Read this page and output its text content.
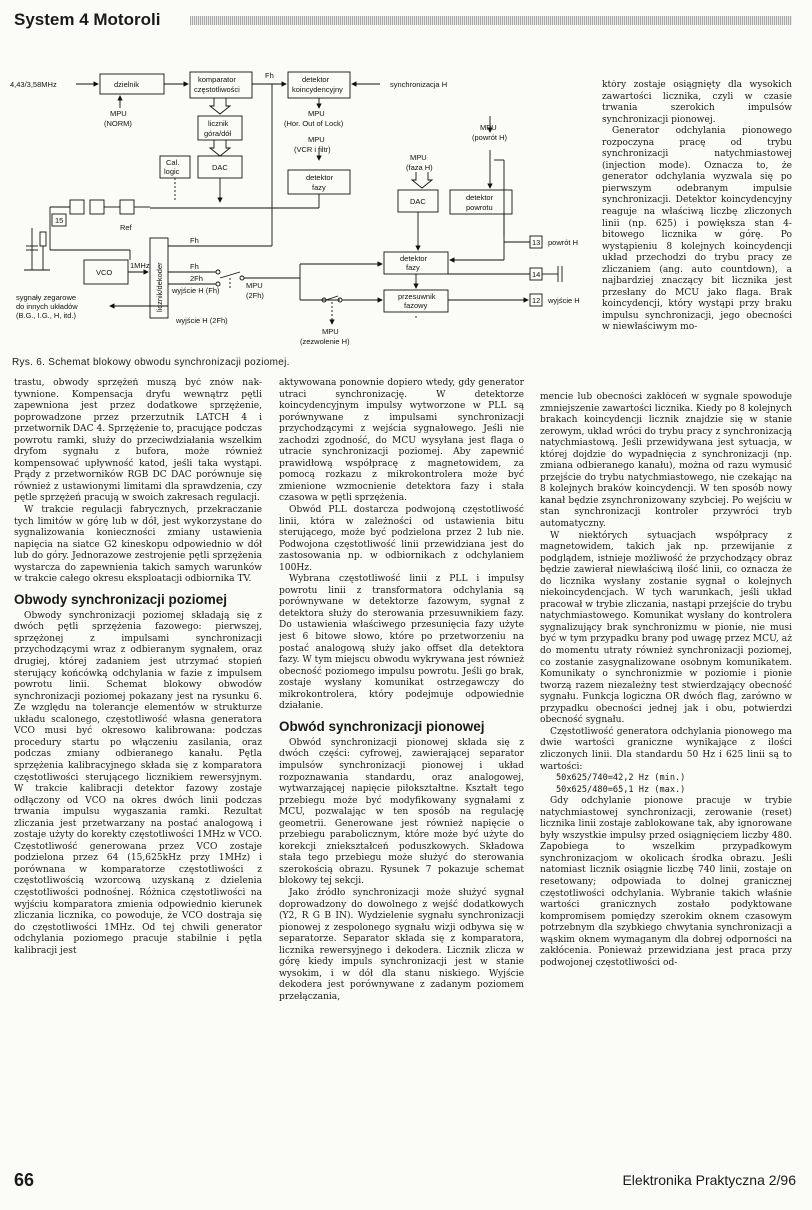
System 4 Motoroli
4,43/3,58MHz	dzielnik
komparator
częstotliwości
Fh	detektor
koincydencyjny
synchronizacja H
MPU
(NORM)	licznik
góra/dół
MPU
(Hor. Out of Lock)
MPU
(VCR i filtr)
Cal.
logic	DAC
detektor
fazy
MPU
(faza H)
MPU
(powrót H)
DAC	detektor
powrotu
15
Ref
Fh
Fh
2Fh
VCO
1MHz licznik/dekoder
detektor
fazy
13 powrót H
14
wyjście H (Fh)
MPU
(2Fh)
sygnały zegarowe
do innych układów
(B.G., I.G., H, itd.)
wyjście H (2Fh)
przesuwnik
fazowy
12 wyjście H
MPU
(zezwolenie H)
Rys. 6. Schemat blokowy obwodu synchronizacji poziomej.

trastu, obwody sprzężeń muszą być znów nak-tywnione. Kompensacja dryfu wewnątrz pętli zapewniona jest przez dodatkowe sprzężenie, poprowadzone przez przerzutnik LATCH 4 i przetwornik DAC 4. Sprzężenie to, pracujące podczas powrotu ramki, służy do przeciwdziałania wszelkim dryfom sygnału z bufora, może również kompensować upływność katod, jeśli taka wystąpi. Prądy z przetworników RGB DC DAC porównuje się również z ustawionymi limitami dla sprawdzenia, czy pętle sprzężeń pracują w swoich zakresach regulacji.

W trakcie regulacji fabrycznych, przekraczanie tych limitów w górę lub w dół, jest wykorzystane do sygnalizowania konieczności zmiany ustawienia napięcia na siatce G2 kineskopu odpowiednio w dół lub do góry. Jednorazowe zestrojenie pętli sprzężenia wystarcza do zapewnienia takich samych warunków w trakcie całego okresu eksploatacji odbiornika TV.

Obwody synchronizacji poziomej

Obwody synchronizacji poziomej składają się z dwóch pętli sprzężenia fazowego: pierwszej, sprzężonej z impulsami synchronizacji przychodzącymi wraz z odbieranym sygnałem, oraz drugiej, której zadaniem jest utrzymać stopień sterujący końcówką odchylania w fazie z impulsem powrotu linii. Schemat blokowy obwodów synchronizacji poziomej pokazany jest na rysunku 6. Ze względu na tolerancje elementów w strukturze układu scalonego, częstotliwość własna generatora VCO musi być okresowo kalibrowana: podczas procedury startu po włączeniu zasilania, oraz podczas zmiany odbieranego kanału. Pętla sprzężenia kalibracyjnego składa się z komparatora częstotliwości sterującego licznikiem rewersyjnym. W trakcie kalibracji detektor fazowy zostaje odłączony od VCO na okres dwóch linii podczas trwania impulsu wygaszania ramki. Rezultat zliczania jest przetwarzany na postać analogową i zostaje użyty do korekty częstotliwości 1MHz w VCO. Częstotliwość generowana przez VCO zostaje podzielona przez 64 (15,625kHz przy 1MHz) i porównana w komparatorze częstotliwości z częstotliwością wzorcową uzyskaną z dzielenia częstotliwości podnośnej. Różnica częstotliwości na wyjściu komparatora zmienia odpowiednio kierunek zliczania licznika, co powoduje, że VCO dostraja się do częstotliwości 1MHz. Od tej chwili generator odchylania poziomego pracuje stabilnie i pętla kalibracji jest

aktywowana ponownie dopiero wtedy, gdy generator utraci synchronizację. W detektorze koincydencyjnym impulsy wytworzone w PLL są porównywane z impulsami synchronizacji przychodzącymi z wejścia sygnałowego. Jeśli nie zachodzi zgodność, do MCU wysyłana jest flaga o utracie synchronizacji poziomej. Aby zapewnić prawidłową współpracę z magnetowidem, za pomocą rozkazu z mikrokontrolera może być zmienione wzmocnienie detektora fazy i stała czasowa w pętli sprzężenia.

Obwód PLL dostarcza podwojoną częstotliwość linii, która w zależności od ustawienia bitu sterującego, może być podzielona przez 2 lub nie. Podwojona częstotliwość linii przewidziana jest do zastosowania np. w odbiornikach z odchylaniem 100Hz.

Wybrana częstotliwość linii z PLL i impulsy powrotu linii z transformatora odchylania są porównywane w detektorze fazowym, sygnał z detektora służy do sterowania przesuwnikiem fazy. Do ustawienia właściwego przesunięcia fazy użyte jest 6 bitowe słowo, które po przetworzeniu na postać analogową służy jako offset dla detektora fazy. W tym miejscu obwodu wykrywana jest również obecność poziomego impulsu powrotu. Jeśli go brak, zostaje wysłany komunikat ostrzegawczy do mikrokontrolera, który podejmuje odpowiednie działanie.

Obwód synchronizacji pionowej

Obwód synchronizacji pionowej składa się z dwóch części: cyfrowej, zawierającej separator impulsów synchronizacji pionowej i układ rozpoznawania standardu, oraz analogowej, wytwarzającej napięcie piłokształtne. Kształt tego przebiegu może być modyfikowany sygnałami z MCU, pozwalając w ten sposób na regulację geometrii. Generowane jest również napięcie o przebiegu parabolicznym, które może być użyte do korekcji zniekształceń poduszkowych. Składowa stała tego przebiegu może służyć do sterowania szerokością obrazu. Rysunek 7 pokazuje schemat blokowy tej sekcji.

Jako źródło synchronizacji może służyć sygnał doprowadzony do dowolnego z wejść dodatkowych (Y2, R G B IN). Wydzielenie sygnału synchronizacji pionowej z zespolonego sygnału wizji odbywa się w separatorze. Separator składa się z komparatora, licznika rewersyjnego i dekodera. Licznik zlicza w górę kiedy impuls synchronizacji jest w stanie wysokim, i w dół dla stanu niskiego. Wyjście dekodera jest porównywane z zadanym poziomem przełączania,

który zostaje osiągnięty dla wysokich zawartości licznika, czyli w czasie trwania szerokich impulsów synchronizacji pionowej.

Generator odchylania pionowego rozpoczyna pracę od trybu synchronizacji natychmiastowej (injection mode). Oznacza to, że generator odchylania wyzwala się po pierwszym odebranym impulsie synchronizacji. Detektor koincydencyjny reaguje na właściwą liczbę zliczonych linii (np. 625) i powiększa stan 4-bitowego licznika w górę. Po wystąpieniu 8 kolejnych koincydencji układ przechodzi do trybu pracy ze zliczaniem (ang. auto countdown), a najbardziej znaczący bit licznika jest przesłany do MCU jako flaga. Brak koincydencji, który wystąpi przy braku impulsu synchronizacji, jego obecności w niewłaściwym mo-

mencie lub obecności zakłóceń w sygnale spowoduje zmniejszenie zawartości licznika. Kiedy po 8 kolejnych brakach koincydencji licznik znajdzie się w stanie zerowym, układ wróci do trybu pracy z synchronizacją natychmiastową. Jeśli przewidywana jest sytuacja, w której dojdzie do wypadnięcia z synchronizacji (np. zmiana odbieranego kanału), można od razu wymusić przejście do trybu natychmiastowego, nie czekając na 8 kolejnych braków koincydencji. W ten sposób nowy kanał będzie zsynchronizowany szybciej. Po wejściu w stan synchronizacji kontroler przywróci tryb automatyczny.

W niektórych sytuacjach współpracy z magnetowidem, takich jak np. przewijanie z podglądem, istnieje możliwość że przychodzący obraz będzie zawierał niewłaściwą ilość linii, co oznacza że do licznika wysłany zostanie sygnał o kolejnych niekoincydencjach. W tych warunkach, jeśli układ pracował w trybie zliczania, nastąpi przejście do trybu natychmiastowego. Komunikat wysłany do kontrolera sygnalizujący brak synchronizmu w pionie, nie musi być w tym przypadku brany pod uwagę przez MCU, aż do momentu utraty również synchronizacji poziomej, co zostanie zasygnalizowane osobnym komunikatem. Komunikaty o synchronizmie w poziomie i pionie tworzą razem niezależny test stwierdzający obecność sygnału. Funkcja logiczna OR dwóch flag, zarówno w przypadku obecności jednej jak i obu, potwierdzi obecność sygnału.

Częstotliwość generatora odchylania pionowego ma dwie wartości graniczne wynikające z ilości zliczonych linii. Dla standardu 50 Hz i 625 linii są to wartości:

50x625/740=42,2 Hz (min.)
50x625/480=65,1 Hz (max.)

Gdy odchylanie pionowe pracuje w trybie natychmiastowej synchronizacji, zerowanie (reset) licznika linii zostaje zablokowane tak, aby ignorowane były wszystkie impulsy przed osiągnięciem liczby 480. Zapobiega to wszelkim przypadkowym synchronizacjom w okolicach środka obrazu. Jeśli natomiast licznik osiągnie liczbę 740 linii, zostaje on resetowany; odpowiada to dolnej granicznej częstotliwości odchylania. Wybranie takich właśnie wartości granicznych zostało podyktowane kompromisem pomiędzy szerokim oknem czasowym potrzebnym dla szybkiego chwytania synchronizacji a wąskim oknem wymaganym dla dobrej odporności na zakłócenia. Ponieważ przewidziana jest praca przy podwojonej częstotliwości od-

66	Elektronika Praktyczna 2/96
